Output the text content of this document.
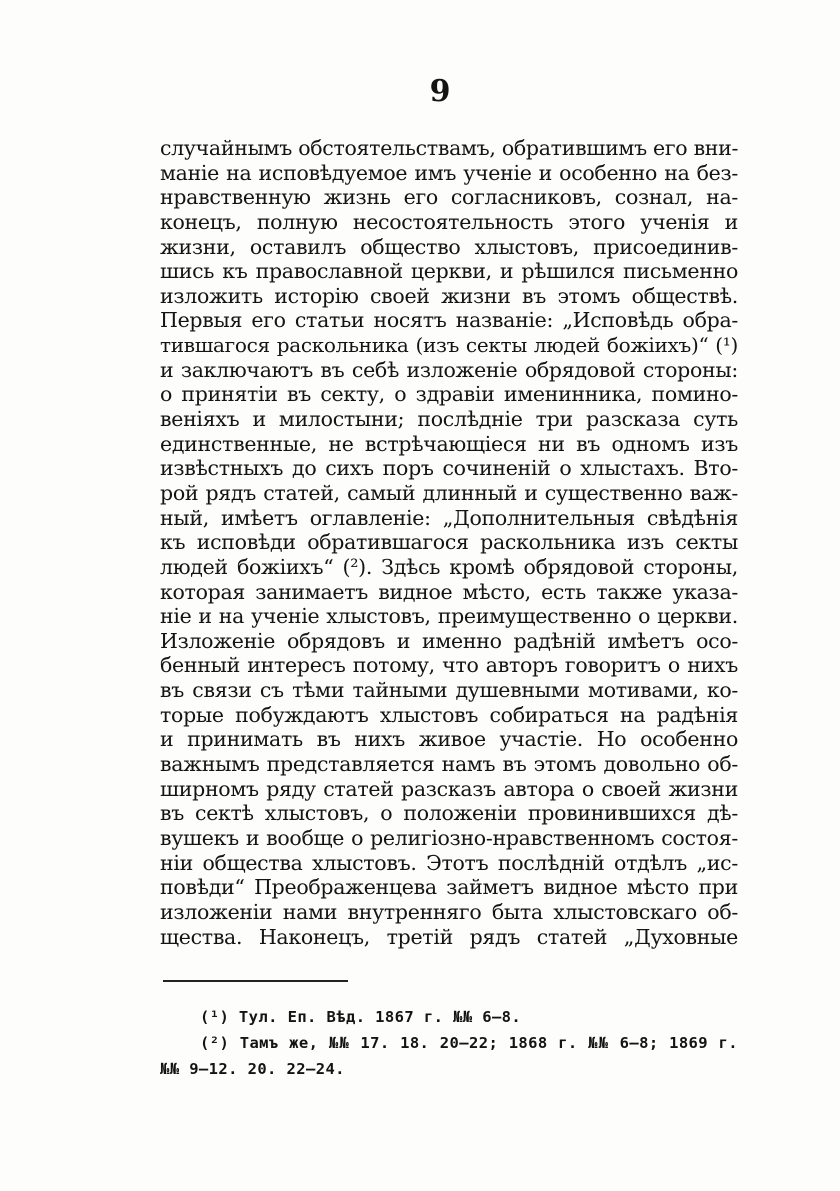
9
случайнымъ обстоятельствамъ, обратившимъ его вни-
маніе на исповѣдуемое имъ ученіе и особенно на без-
нравственную жизнь его согласниковъ, сознал, на-
конецъ, полную несостоятельность этого ученія и
жизни, оставилъ общество хлыстовъ, присоединив-
шись къ православной церкви, и рѣшился письменно
изложить исторію своей жизни въ этомъ обществѣ.
Первыя его статьи носятъ названіе: „Исповѣдь обра-
тившагося раскольника (изъ секты людей божіихъ)“ (¹)
и заключаютъ въ себѣ изложеніе обрядовой стороны:
о принятіи въ секту, о здравіи именинника, помино-
веніяхъ и милостыни; послѣдніе три разсказа суть
единственные, не встрѣчающіеся ни въ одномъ изъ
извѣстныхъ до сихъ поръ сочиненій о хлыстахъ. Вто-
рой рядъ статей, самый длинный и существенно важ-
ный, имѣетъ оглавленіе: „Дополнительныя свѣдѣнія
къ исповѣди обратившагося раскольника изъ секты
людей божіихъ“ (²). Здѣсь кромѣ обрядовой стороны,
которая занимаетъ видное мѣсто, есть также указа-
ніе и на ученіе хлыстовъ, преимущественно о церкви.
Изложеніе обрядовъ и именно радѣній имѣетъ осо-
бенный интересъ потому, что авторъ говоритъ о нихъ
въ связи съ тѣми тайными душевными мотивами, ко-
торые побуждаютъ хлыстовъ собираться на радѣнія
и принимать въ нихъ живое участіе. Но особенно
важнымъ представляется намъ въ этомъ довольно об-
ширномъ ряду статей разсказъ автора о своей жизни
въ сектѣ хлыстовъ, о положеніи провинившихся дѣ-
вушекъ и вообще о религіозно-нравственномъ состоя-
ніи общества хлыстовъ. Этотъ послѣдній отдѣлъ „ис-
повѣди“ Преображенцева займетъ видное мѣсто при
изложеніи нами внутренняго быта хлыстовскаго об-
щества. Наконецъ, третій рядъ статей „Духовные
(¹) Тул. Еп. Вѣд. 1867 г. №№ 6—8.
(²) Тамъ же, №№ 17. 18. 20—22; 1868 г. №№ 6—8; 1869 г.
№№ 9—12. 20. 22—24.
